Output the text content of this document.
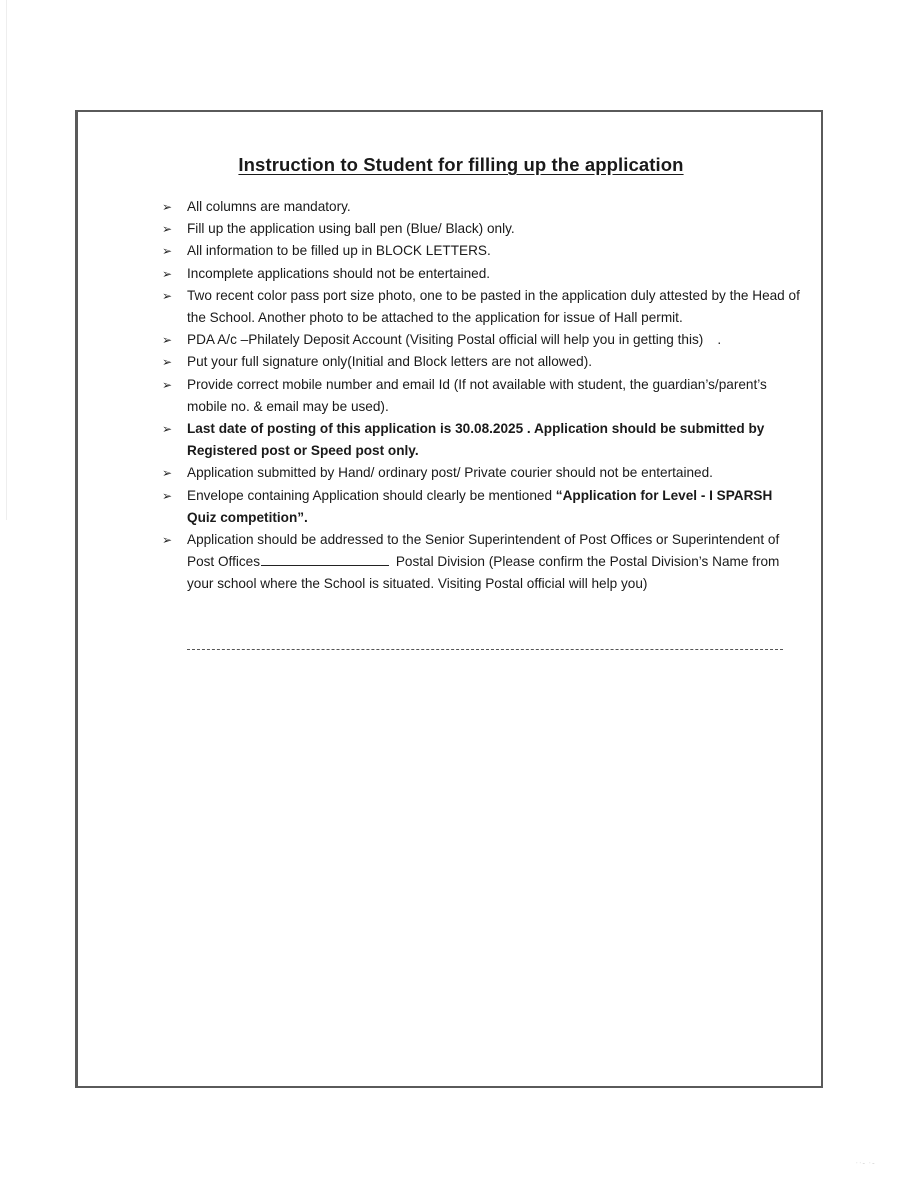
Instruction to Student for filling up the application
➢ All columns are mandatory.
➢ Fill up the application using ball pen (Blue/ Black) only.
➢ All information to be filled up in BLOCK LETTERS.
➢ Incomplete applications should not be entertained.
➢ Two recent color pass port size photo, one to be pasted in the application duly attested by the Head of the School. Another photo to be attached to the application for issue of Hall permit.
➢ PDA A/c –Philately Deposit Account (Visiting Postal official will help you in getting this) .
➢ Put your full signature only(Initial and Block letters are not allowed).
➢ Provide correct mobile number and email Id (If not available with student, the guardian’s/parent’s mobile no. & email may be used).
➢ Last date of posting of this application is 30.08.2025 . Application should be submitted by Registered post or Speed post only.
➢ Application submitted by Hand/ ordinary post/ Private courier should not be entertained.
➢ Envelope containing Application should clearly be mentioned “Application for Level - I SPARSH Quiz competition”.
➢ Application should be addressed to the Senior Superintendent of Post Offices or Superintendent of Post Offices	Postal Division (Please confirm the Postal Division’s Name from your school where the School is situated. Visiting Postal official will help you)
˙˙ˉ ˙ˉ
